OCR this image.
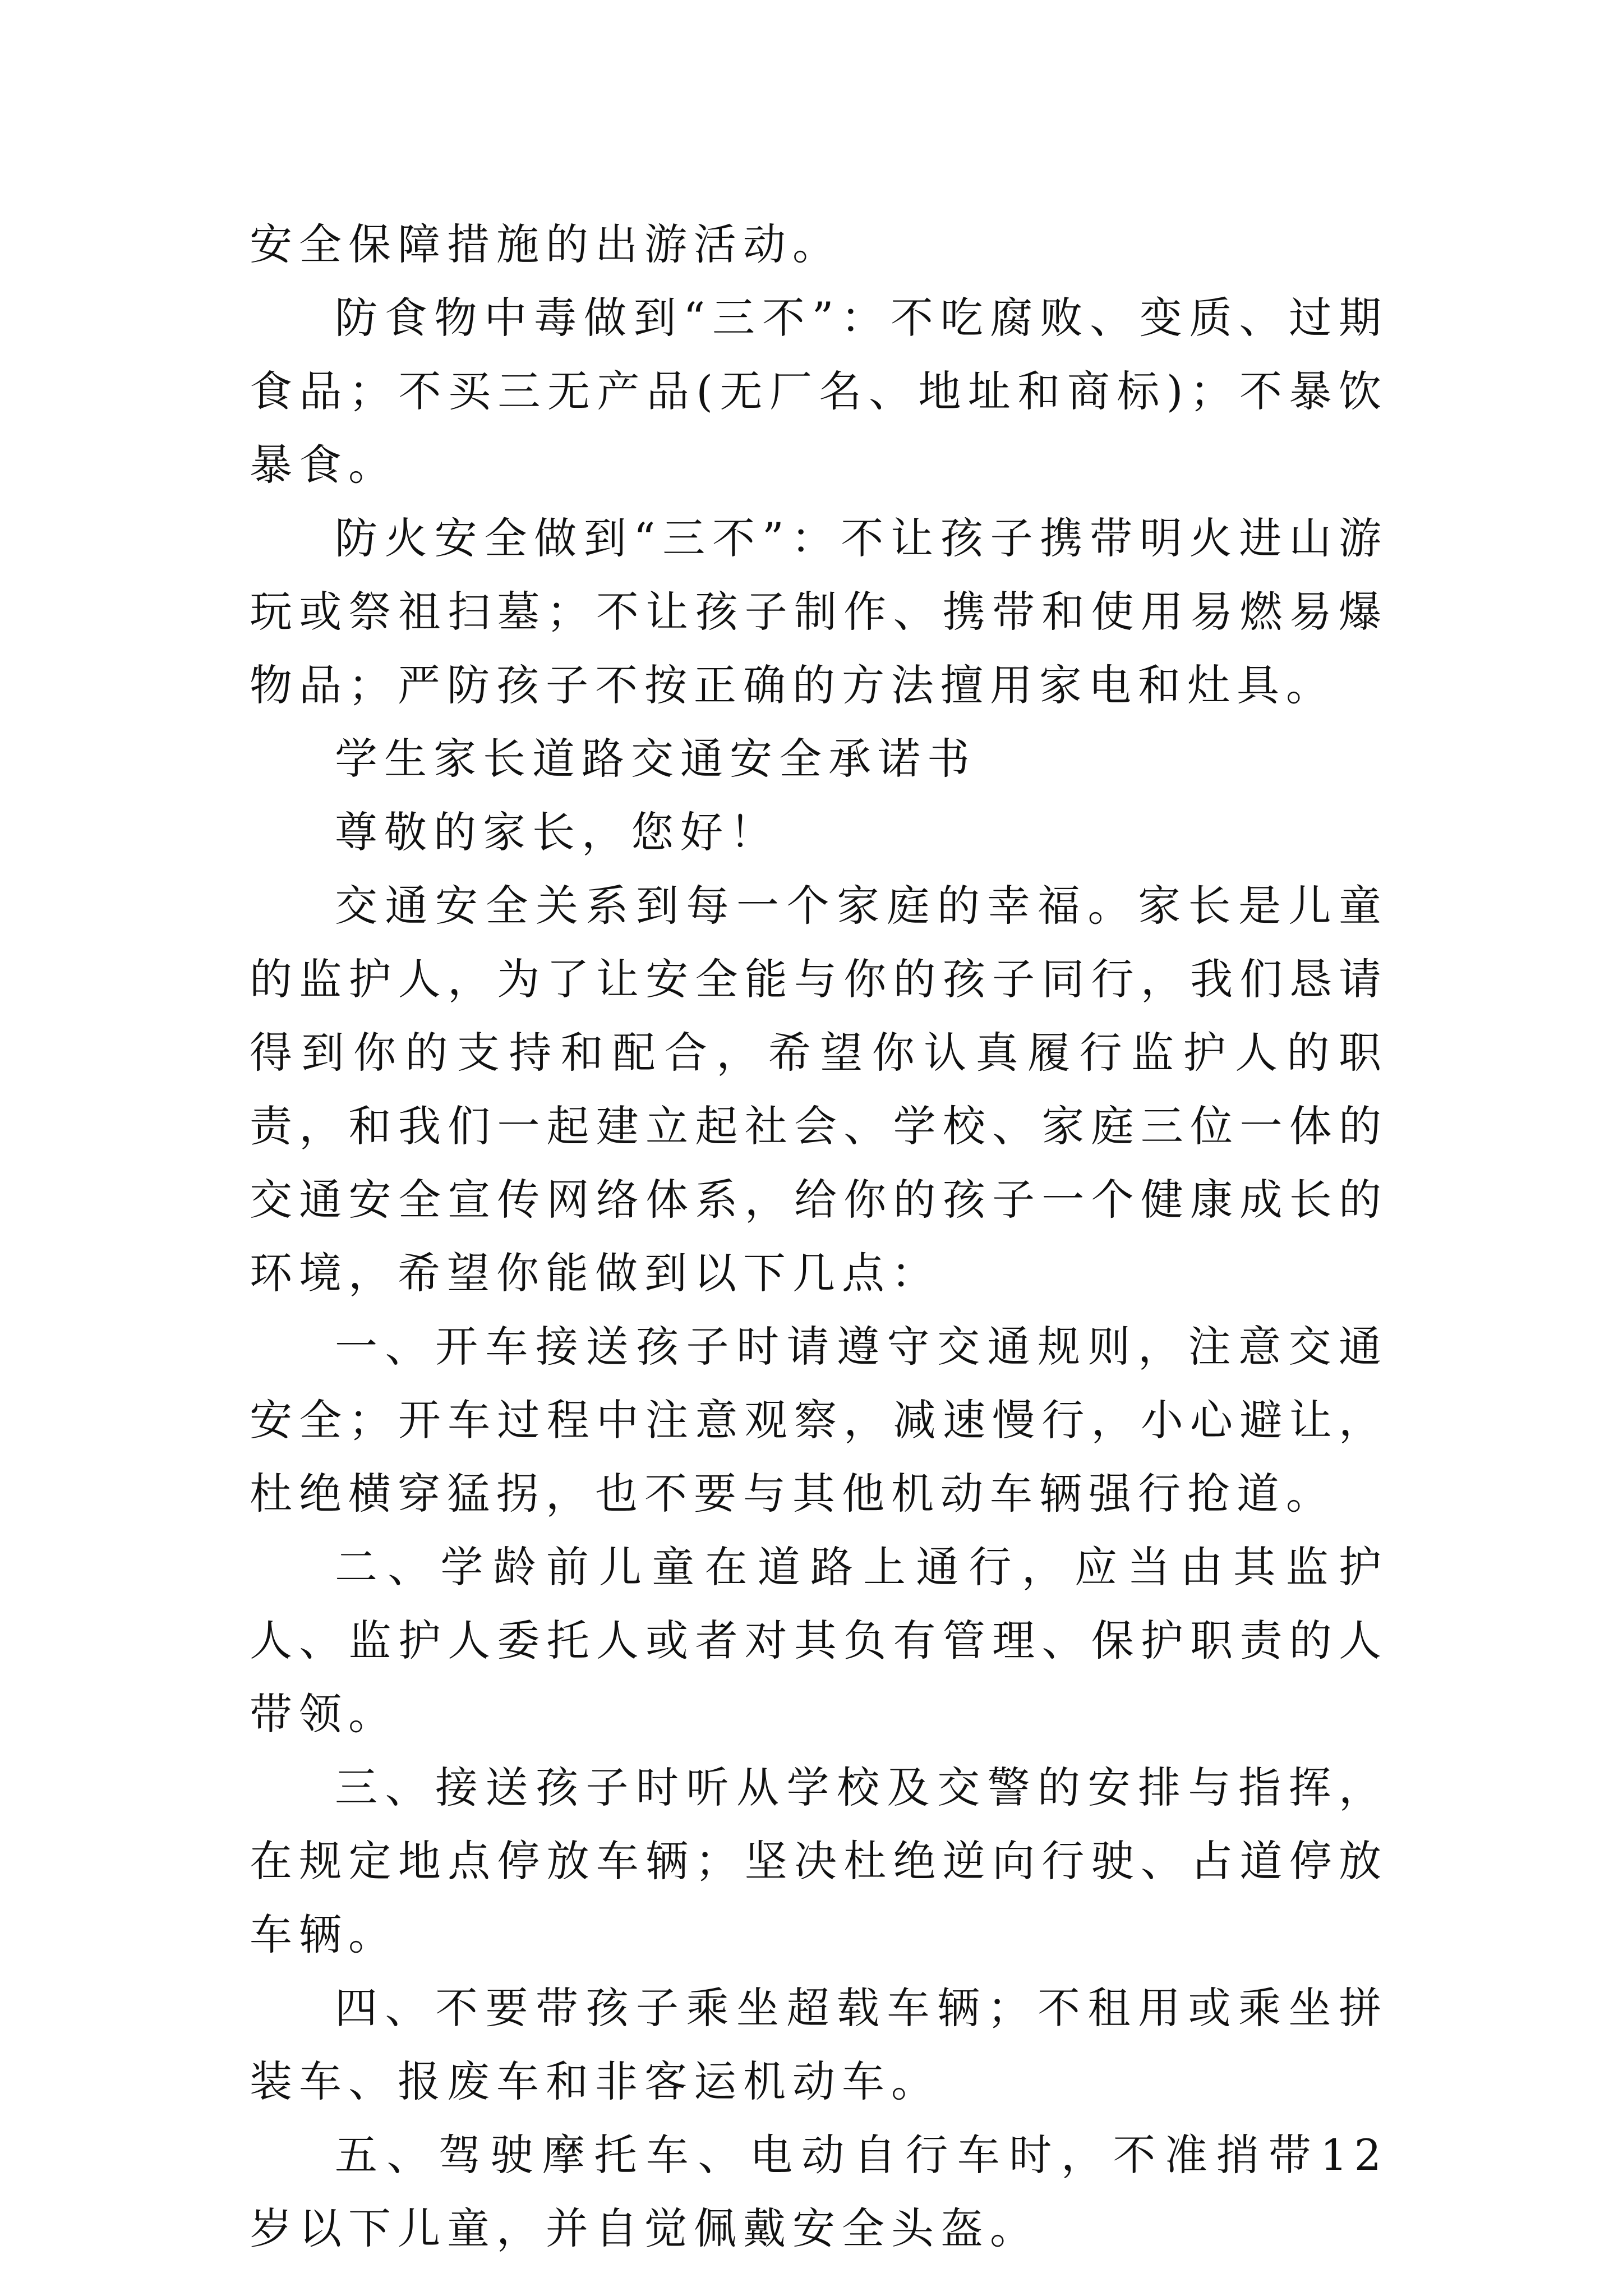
安全保障措施的出游活动。

防食物中毒做到“三不”：不吃腐败、变质、过期食品；不买三无产品(无厂名、地址和商标)；不暴饮暴食。

防火安全做到“三不”：不让孩子携带明火进山游玩或祭祖扫墓；不让孩子制作、携带和使用易燃易爆物品；严防孩子不按正确的方法擅用家电和灶具。

学生家长道路交通安全承诺书

尊敬的家长，您好！

交通安全关系到每一个家庭的幸福。家长是儿童的监护人，为了让安全能与你的孩子同行，我们恳请得到你的支持和配合，希望你认真履行监护人的职责，和我们一起建立起社会、学校、家庭三位一体的交通安全宣传网络体系，给你的孩子一个健康成长的环境，希望你能做到以下几点：

一、开车接送孩子时请遵守交通规则，注意交通安全；开车过程中注意观察，减速慢行，小心避让，杜绝横穿猛拐，也不要与其他机动车辆强行抢道。

二、学龄前儿童在道路上通行，应当由其监护人、监护人委托人或者对其负有管理、保护职责的人带领。

三、接送孩子时听从学校及交警的安排与指挥，在规定地点停放车辆；坚决杜绝逆向行驶、占道停放车辆。

四、不要带孩子乘坐超载车辆；不租用或乘坐拼装车、报废车和非客运机动车。

五、驾驶摩托车、电动自行车时，不准捎带12岁以下儿童，并自觉佩戴安全头盔。
